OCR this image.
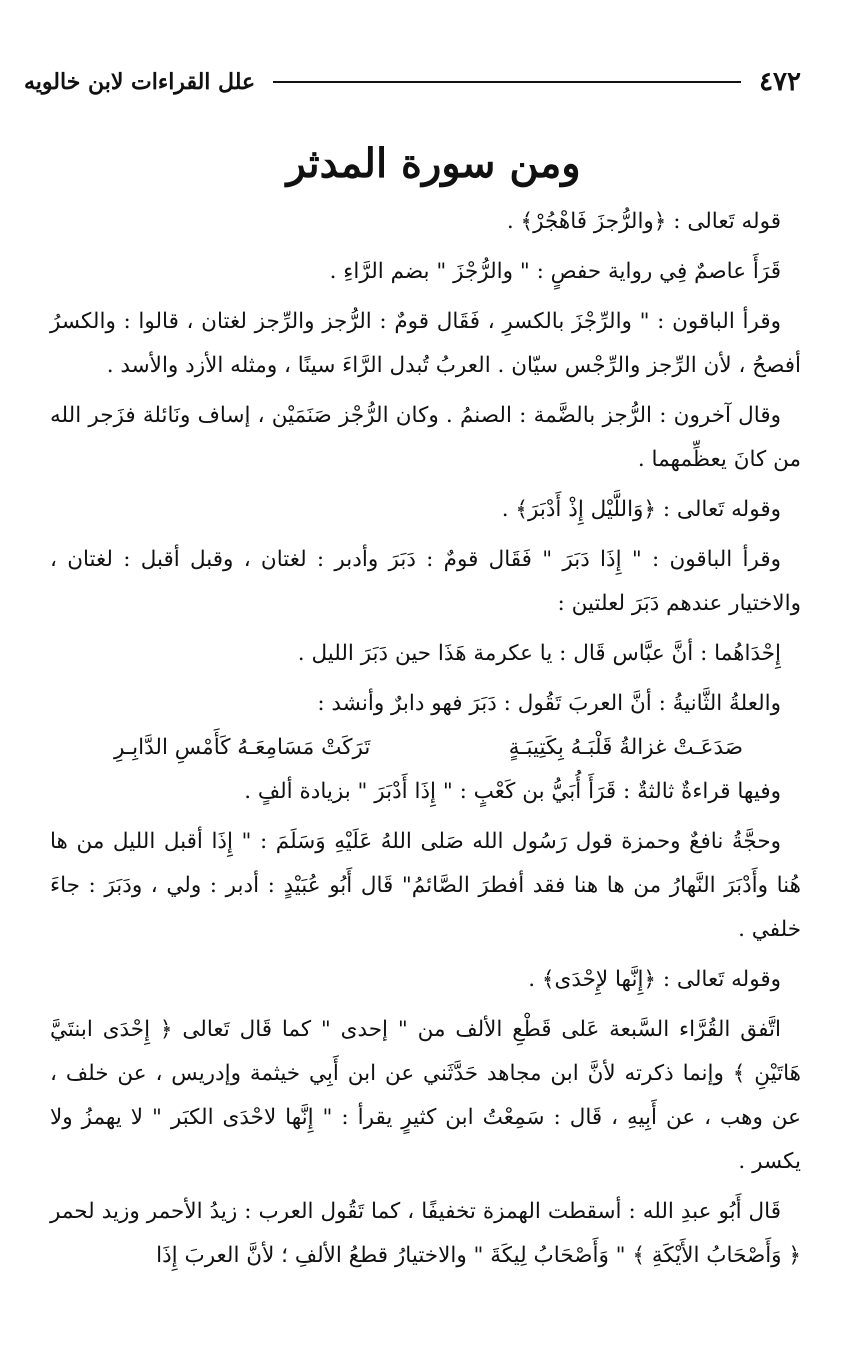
٤٧٢
علل القراءات لابن خالويه
ومن سورة المدثر

قوله تَعالى : ﴿والرُّجزَ فَاهْجُرْ﴾ .

قَرَأَ عاصمٌ فِي رواية حفصٍ : " والرُّجْزَ " بضم الرَّاءِ .

وقرأ الباقون : " والرِّجْزَ بالكسرِ ، فَقَال قومٌ : الرُّجز والرِّجز لغتان ، قالوا : والكسرُ أفصحُ ، لأن الرِّجز والرِّجْس سيّان . العربُ تُبدل الرَّاءَ سينًا ، ومثله الأزد والأسد .

وقال آخرون : الرُّجز بالضَّمة : الصنمُ . وكان الرُّجْز صَنَمَيْن ، إساف ونَائلة فزَجر الله من كانَ يعظِّمهما .

وقوله تَعالى : ﴿وَاللَّيْل إِذْ أَدْبَرَ﴾ .

وقرأ الباقون : " إِذَا دَبَرَ " فَقَال قومٌ : دَبَرَ وأدبر : لغتان ، وقبل أقبل : لغتان ، والاختيار عندهم دَبَرَ لعلتين :

إِحْدَاهُما : أنَّ عبَّاس قَال : يا عكرمة هَذَا حين دَبَرَ الليل .

والعلةُ الثَّانيةُ : أنَّ العربَ تَقُول : دَبَرَ فهو دابرٌ وأنشد :

صَدَعَـتْ غزالةُ قَلْبَـهُ بِكَتِيبَـةٍ
تَرَكَتْ مَسَامِعَـهُ كَأَمْسِ الدَّابِـرِ

وفيها قراءةٌ ثالثةٌ : قَرَأَ أُبَيُّ بن كَعْبٍ : " إِذَا أَدْبَرَ " بزيادة ألفٍ .

وحجَّةُ نافعٌ وحمزة قول رَسُول الله صَلى اللهُ عَلَيْهِ وَسَلَمَ : " إِذَا أقبل الليل من ها هُنا وأَدْبَرَ النَّهارُ من ها هنا فقد أفطرَ الصَّائمُ" قَال أَبُو عُبَيْدٍ : أدبر : ولي ، ودَبَرَ : جاءَ خلفي .

وقوله تَعالى : ﴿إِنَّها لإِحْدَى﴾ .

اتَّفق القُرَّاء السَّبعة عَلى قَطْعِ الألف من " إحدى " كما قَال تَعالى ﴿ إِحْدَى ابنتَيَّ هَاتَيْنِ ﴾ وإنما ذكرته لأنَّ ابن مجاهد حَدَّثَني عن ابن أَبِي خيثمة وإدريس ، عن خلف ، عن وهب ، عن أَبِيهِ ، قَال : سَمِعْتُ ابن كثيرٍ يقرأ : " إِنَّها لاحْدَى الكبَر " لا يهمزُ ولا يكسر .

قَال أَبُو عبدِ الله : أسقطت الهمزة تخفيفًا ، كما تَقُول العرب : زيدُ الأحمر وزيد لحمر ﴿ وَأَصْحَابُ الأَيْكَةِ ﴾ " وَأَصْحَابُ لِيكَةَ " والاختيارُ قطعُ الألفِ ؛ لأنَّ العربَ إِذَا
